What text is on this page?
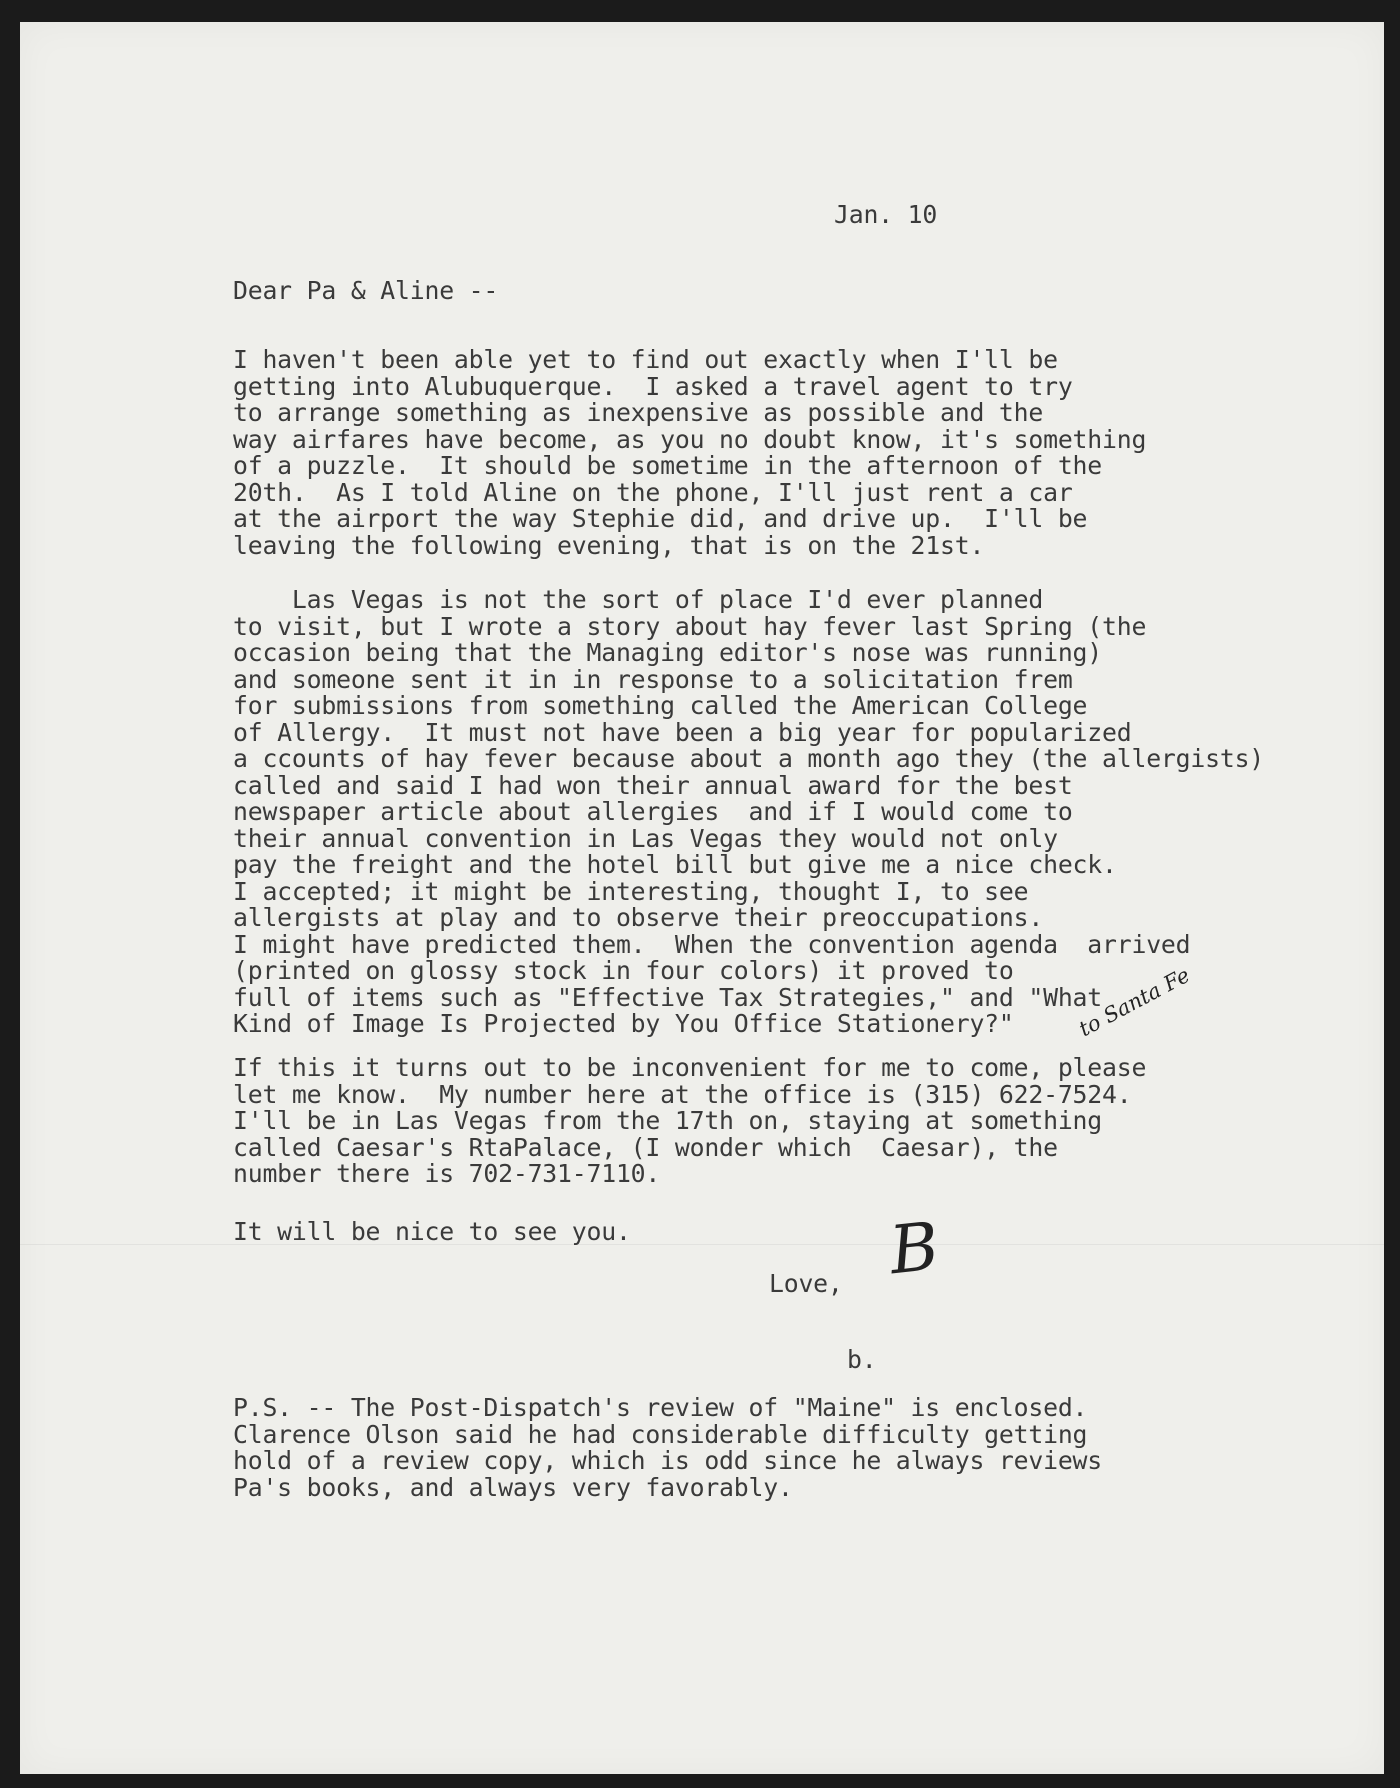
Jan. 10
Dear Pa & Aline --
I haven't been able yet to find out exactly when I'll be
getting into Alubuquerque.  I asked a travel agent to try
to arrange something as inexpensive as possible and the
way airfares have become, as you no doubt know, it's something
of a puzzle.  It should be sometime in the afternoon of the
20th.  As I told Aline on the phone, I'll just rent a car
at the airport the way Stephie did, and drive up.  I'll be
leaving the following evening, that is on the 21st.
Las Vegas is not the sort of place I'd ever planned
to visit, but I wrote a story about hay fever last Spring (the
occasion being that the Managing editor's nose was running)
and someone sent it in in response to a solicitation frem
for submissions from something called the American College
of Allergy.  It must not have been a big year for popularized
a ccounts of hay fever because about a month ago they (the allergists)
called and said I had won their annual award for the best
newspaper article about allergies  and if I would come to
their annual convention in Las Vegas they would not only
pay the freight and the hotel bill but give me a nice check.
I accepted; it might be interesting, thought I, to see
allergists at play and to observe their preoccupations.
I might have predicted them.  When the convention agenda  arrived
(printed on glossy stock in four colors) it proved to
full of items such as "Effective Tax Strategies," and "What
Kind of Image Is Projected by You Office Stationery?"
If this it turns out to be inconvenient for me to come, please
let me know.  My number here at the office is (315) 622-7524.
I'll be in Las Vegas from the 17th on, staying at something
called Caesar's RtaPalace, (I wonder which  Caesar), the
number there is 702-731-7110.
It will be nice to see you.
Love,
b.
P.S. -- The Post-Dispatch's review of "Maine" is enclosed.
Clarence Olson said he had considerable difficulty getting
hold of a review copy, which is odd since he always reviews
Pa's books, and always very favorably.
to Santa Fe
B
